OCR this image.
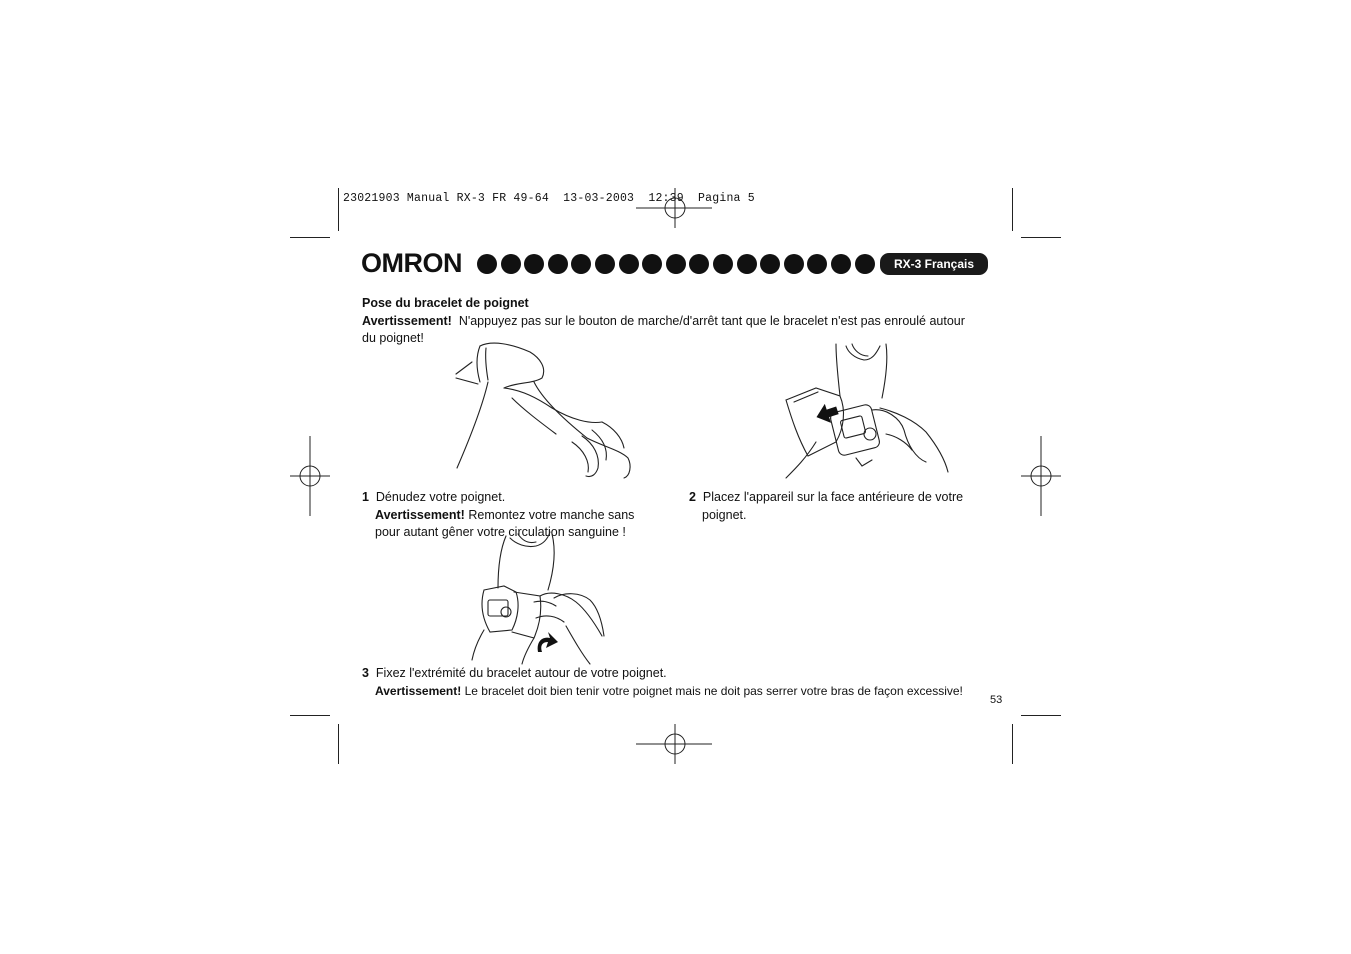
23021903 Manual RX-3 FR 49-64  13-03-2003  12:39  Pagina 5
OMRON	RX-3 Français
Pose du bracelet de poignet
Avertissement! N'appuyez pas sur le bouton de marche/d'arrêt tant que le bracelet n'est pas enroulé autour
du poignet!
1 Dénudez votre poignet.
Avertissement! Remontez votre manche sans
pour autant gêner votre circulation sanguine !
2 Placez l'appareil sur la face antérieure de votre
poignet.
3 Fixez l'extrémité du bracelet autour de votre poignet.
Avertissement! Le bracelet doit bien tenir votre poignet mais ne doit pas serrer votre bras de façon excessive!
53
